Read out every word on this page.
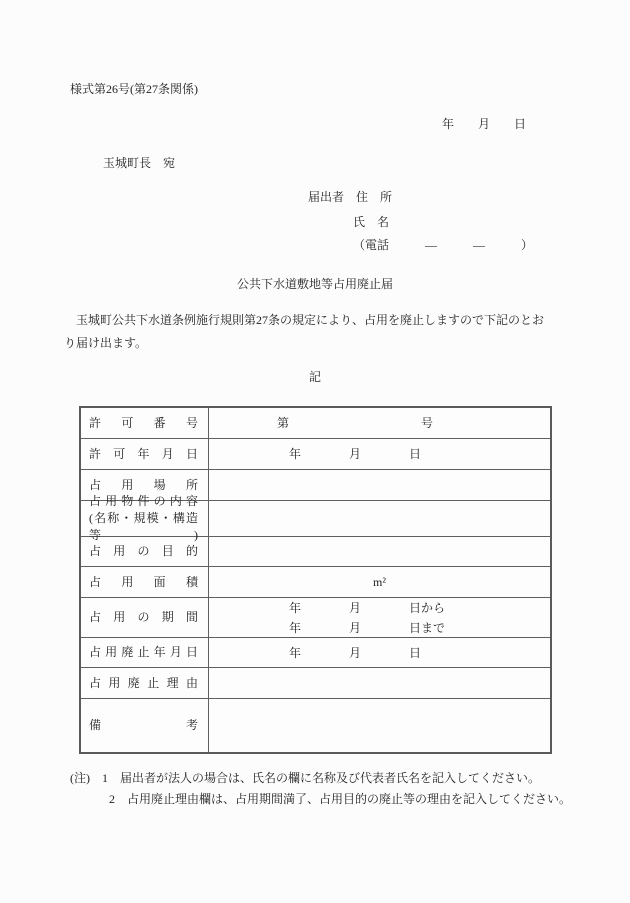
様式第26号(第27条関係)
年　　月　　日
玉城町長　宛
届出者　住　所
氏　名
（電話　　　―　　　―　　　）
公共下水道敷地等占用廃止届
　玉城町公共下水道条例施行規則第27条の規定により、占用を廃止しますので下記のとお
り届け出ます。
記
許可番号 　　　　　第　　　　　　　　　　　号
許可年月日 　　　　　　年　　　　月　　　　日
占用場所
占用物件の内容
(名称・規模・構造等)
占用の目的
占用面積 　　　　　　　　　　　　　m²
占用の期間
　　　　　　年　　　　月　　　　日から
　　　　　　年　　　　月　　　　日まで
占用廃止年月日 　　　　　　年　　　　月　　　　日
占用廃止理由
備考
(注)　1　届出者が法人の場合は、氏名の欄に名称及び代表者氏名を記入してください。
2　占用廃止理由欄は、占用期間満了、占用目的の廃止等の理由を記入してください。
